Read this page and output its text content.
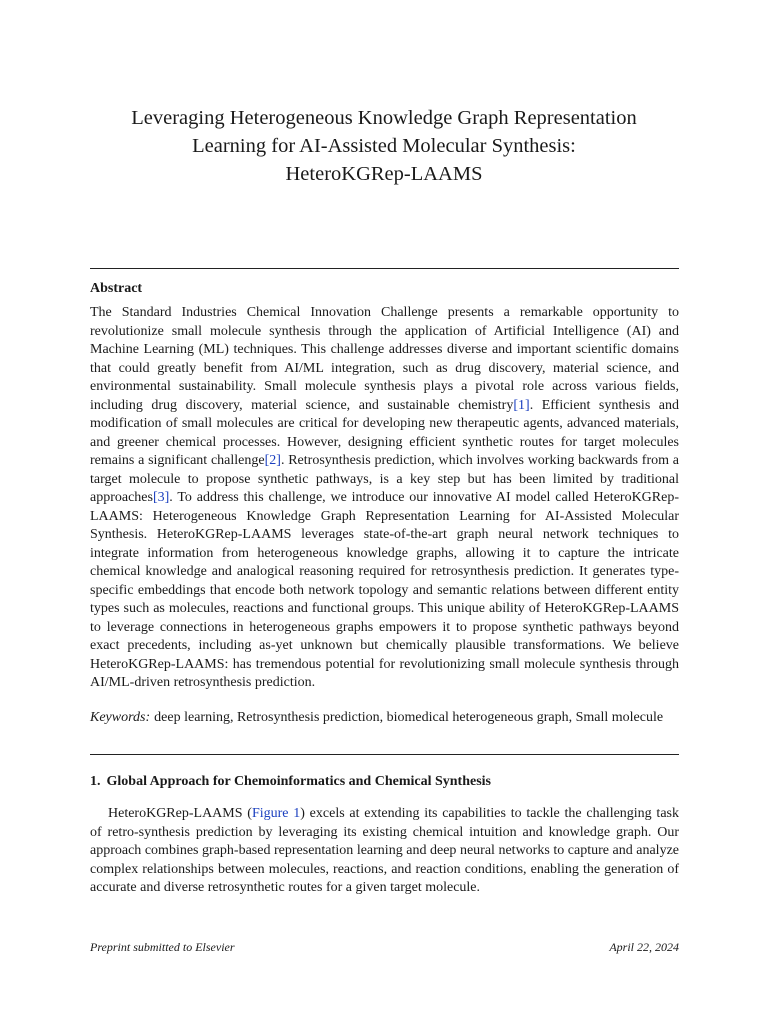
Leveraging Heterogeneous Knowledge Graph Representation
Learning for AI-Assisted Molecular Synthesis:
HeteroKGRep-LAAMS
Abstract

The Standard Industries Chemical Innovation Challenge presents a remarkable opportunity to revolutionize small molecule synthesis through the application of Artificial Intelligence (AI) and Machine Learning (ML) techniques. This challenge addresses diverse and important scientific domains that could greatly benefit from AI/ML integration, such as drug discovery, material science, and environmental sustainability. Small molecule synthesis plays a pivotal role across various fields, including drug discovery, material science, and sustainable chemistry[1]. Efficient synthesis and modification of small molecules are critical for developing new therapeutic agents, advanced materials, and greener chemical processes. However, designing efficient synthetic routes for target molecules remains a significant challenge[2]. Retrosynthesis prediction, which involves working backwards from a target molecule to propose synthetic pathways, is a key step but has been limited by traditional approaches[3]. To address this challenge, we introduce our innovative AI model called HeteroKGRep-LAAMS: Heterogeneous Knowledge Graph Representation Learning for AI-Assisted Molecular Synthesis. HeteroKGRep-LAAMS leverages state-of-the-art graph neural network techniques to integrate information from heterogeneous knowledge graphs, allowing it to capture the intricate chemical knowledge and analogical reasoning required for retrosynthesis prediction. It generates type-specific embeddings that encode both network topology and semantic relations between different entity types such as molecules, reactions and functional groups. This unique ability of HeteroKGRep-LAAMS to leverage connections in heterogeneous graphs empowers it to propose synthetic pathways beyond exact precedents, including as-yet unknown but chemically plausible transformations. We believe HeteroKGRep-LAAMS: has tremendous potential for revolutionizing small molecule synthesis through AI/ML-driven retrosynthesis prediction.

Keywords: deep learning, Retrosynthesis prediction, biomedical heterogeneous graph, Small molecule

1. Global Approach for Chemoinformatics and Chemical Synthesis

HeteroKGRep-LAAMS (Figure 1) excels at extending its capabilities to tackle the challenging task of retro-synthesis prediction by leveraging its existing chemical intuition and knowledge graph. Our approach combines graph-based representation learning and deep neural networks to capture and analyze complex relationships between molecules, reactions, and reaction conditions, enabling the generation of accurate and diverse retrosynthetic routes for a given target molecule.

Preprint submitted to Elsevier	April 22, 2024
